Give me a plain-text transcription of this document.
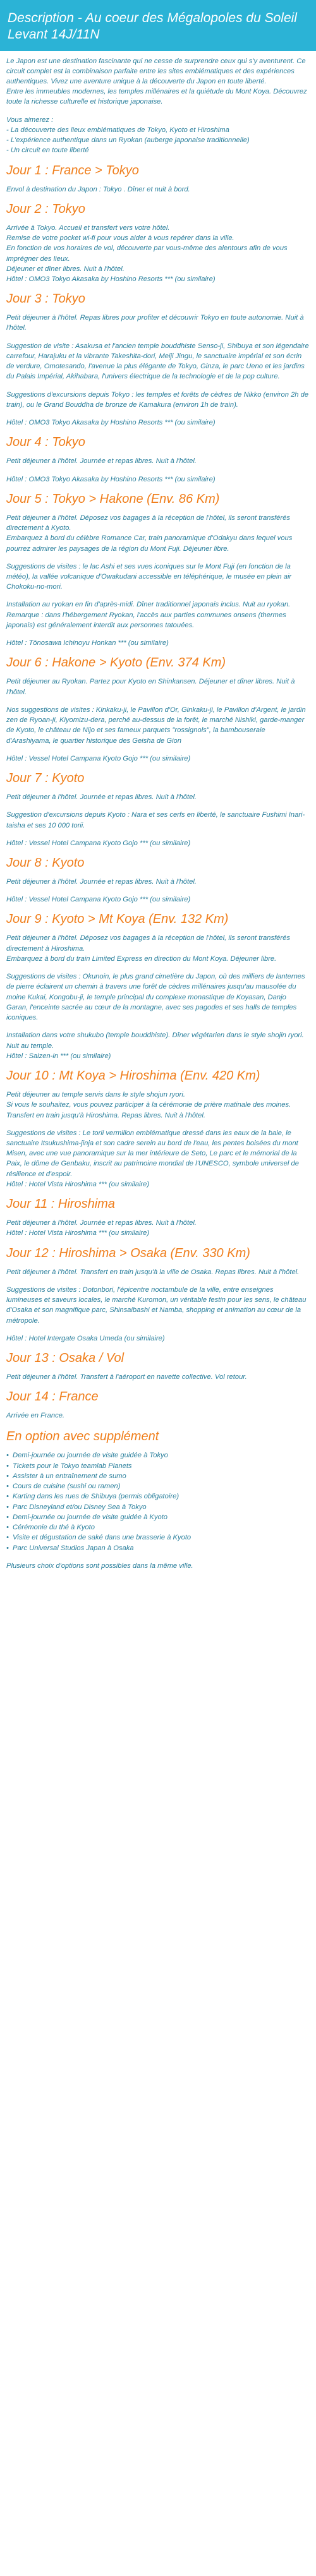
Description - Au coeur des Mégalopoles du Soleil Levant 14J/11N

Le Japon est une destination fascinante qui ne cesse de surprendre ceux qui s'y aventurent. Ce circuit complet est la combinaison parfaite entre les sites emblématiques et des expériences authentiques. Vivez une aventure unique à la découverte du Japon en toute liberté.

Entre les immeubles modernes, les temples millénaires et la quiétude du Mont Koya. Découvrez toute la richesse culturelle et historique japonaise.

Vous aimerez :

- La découverte des lieux emblématiques de Tokyo, Kyoto et Hiroshima

- L'expérience authentique dans un Ryokan (auberge japonaise traditionnelle)

- Un circuit en toute liberté

Jour 1 : France > Tokyo

Envol à destination du Japon : Tokyo . Dîner et nuit à bord.

Jour 2 : Tokyo

Arrivée à Tokyo. Accueil et transfert vers votre hôtel.
Remise de votre pocket wi-fi pour vous aider à vous repérer dans la ville.
En fonction de vos horaires de vol, découverte par vous-même des alentours afin de vous imprégner des lieux.
Déjeuner et dîner libres. Nuit à l'hôtel.
Hôtel : OMO3 Tokyo Akasaka by Hoshino Resorts *** (ou similaire)

Jour 3 : Tokyo

Petit déjeuner à l'hôtel. Repas libres pour profiter et découvrir Tokyo en toute autonomie. Nuit à l'hôtel.

Suggestion de visite : Asakusa et l'ancien temple bouddhiste Senso-ji, Shibuya et son légendaire carrefour, Harajuku et la vibrante Takeshita-dori, Meiji Jingu, le sanctuaire impérial et son écrin de verdure, Omotesando, l'avenue la plus élégante de Tokyo, Ginza, le parc Ueno et les jardins du Palais Impérial, Akihabara, l'univers électrique de la technologie et de la pop culture.

Suggestions d'excursions depuis Tokyo : les temples et forêts de cèdres de Nikko (environ 2h de train), ou le Grand Bouddha de bronze de Kamakura (environ 1h de train).

Hôtel : OMO3 Tokyo Akasaka by Hoshino Resorts *** (ou similaire)

Jour 4 : Tokyo

Petit déjeuner à l'hôtel. Journée et repas libres. Nuit à l'hôtel.

Hôtel : OMO3 Tokyo Akasaka by Hoshino Resorts *** (ou similaire)

Jour 5 : Tokyo > Hakone (Env. 86 Km)

Petit déjeuner à l'hôtel. Déposez vos bagages à la réception de l'hôtel, ils seront transférés directement à Kyoto.
Embarquez à bord du célèbre Romance Car, train panoramique d'Odakyu dans lequel vous pourrez admirer les paysages de la région du Mont Fuji. Déjeuner libre.

Suggestions de visites : le lac Ashi et ses vues iconiques sur le Mont Fuji (en fonction de la météo), la vallée volcanique d'Owakudani accessible en téléphérique, le musée en plein air Chokoku-no-mori.

Installation au ryokan en fin d'après-midi. Dîner traditionnel japonais inclus. Nuit au ryokan.
Remarque : dans l'hébergement Ryokan, l'accès aux parties communes onsens (thermes japonais) est généralement interdit aux personnes tatouées.

Hôtel : Tōnosawa Ichinoyu Honkan *** (ou similaire)

Jour 6 : Hakone > Kyoto (Env. 374 Km)

Petit déjeuner au Ryokan. Partez pour Kyoto en Shinkansen. Déjeuner et dîner libres. Nuit à l'hôtel.

Nos suggestions de visites : Kinkaku-ji, le Pavillon d'Or, Ginkaku-ji, le Pavillon d'Argent, le jardin zen de Ryoan-ji, Kiyomizu-dera, perché au-dessus de la forêt, le marché Nishiki, garde-manger de Kyoto, le château de Nijo et ses fameux parquets "rossignols", la bambouseraie d'Arashiyama, le quartier historique des Geisha de Gion

Hôtel : Vessel Hotel Campana Kyoto Gojo *** (ou similaire)

Jour 7 : Kyoto

Petit déjeuner à l'hôtel. Journée et repas libres. Nuit à l'hôtel.

Suggestion d'excursions depuis Kyoto : Nara et ses cerfs en liberté, le sanctuaire Fushimi Inari-taisha et ses 10 000 torii.

Hôtel : Vessel Hotel Campana Kyoto Gojo *** (ou similaire)

Jour 8 : Kyoto

Petit déjeuner à l'hôtel. Journée et repas libres. Nuit à l'hôtel.

Hôtel : Vessel Hotel Campana Kyoto Gojo *** (ou similaire)

Jour 9 : Kyoto > Mt Koya (Env. 132 Km)

Petit déjeuner à l'hôtel. Déposez vos bagages à la réception de l'hôtel, ils seront transférés directement à Hiroshima.
Embarquez à bord du train Limited Express en direction du Mont Koya. Déjeuner libre.

Suggestions de visites : Okunoin, le plus grand cimetière du Japon, où des milliers de lanternes de pierre éclairent un chemin à travers une forêt de cèdres millénaires jusqu'au mausolée du moine Kukai, Kongobu-ji, le temple principal du complexe monastique de Koyasan, Danjo Garan, l'enceinte sacrée au cœur de la montagne, avec ses pagodes et ses halls de temples iconiques.

Installation dans votre shukubo (temple bouddhiste). Dîner végétarien dans le style shojin ryori. Nuit au temple.
Hôtel : Saizen-in *** (ou similaire)

Jour 10 : Mt Koya > Hiroshima (Env. 420 Km)

Petit déjeuner au temple servis dans le style shojun ryori.
Si vous le souhaitez, vous pouvez participer à la cérémonie de prière matinale des moines. Transfert en train jusqu'à Hiroshima. Repas libres. Nuit à l'hôtel.

Suggestions de visites : Le torii vermillon emblématique dressé dans les eaux de la baie, le sanctuaire Itsukushima-jinja et son cadre serein au bord de l'eau, les pentes boisées du mont Misen, avec une vue panoramique sur la mer intérieure de Seto, Le parc et le mémorial de la Paix, le dôme de Genbaku, inscrit au patrimoine mondial de l'UNESCO, symbole universel de résilience et d'espoir.
Hôtel : Hotel Vista Hiroshima *** (ou similaire)

Jour 11 : Hiroshima

Petit déjeuner à l'hôtel. Journée et repas libres. Nuit à l'hôtel.
Hôtel : Hotel Vista Hiroshima *** (ou similaire)

Jour 12 : Hiroshima > Osaka (Env. 330 Km)

Petit déjeuner à l'hôtel. Transfert en train jusqu'à la ville de Osaka. Repas libres. Nuit à l'hôtel.

Suggestions de visites : Dotonbori, l'épicentre noctambule de la ville, entre enseignes lumineuses et saveurs locales, le marché Kuromon, un véritable festin pour les sens, le château d'Osaka et son magnifique parc, Shinsaibashi et Namba, shopping et animation au cœur de la métropole.

Hôtel : Hotel Intergate Osaka Umeda (ou similaire)

Jour 13 : Osaka / Vol

Petit déjeuner à l'hôtel. Transfert à l'aéroport en navette collective. Vol retour.

Jour 14 : France

Arrivée en France.

En option avec supplément
• Demi-journée ou journée de visite guidée à Tokyo
• Tickets pour le Tokyo teamlab Planets
• Assister à un entraînement de sumo
• Cours de cuisine (sushi ou ramen)
• Karting dans les rues de Shibuya (permis obligatoire)
• Parc Disneyland et/ou Disney Sea à Tokyo
• Demi-journée ou journée de visite guidée à Kyoto
• Cérémonie du thé à Kyoto
• Visite et dégustation de saké dans une brasserie à Kyoto
• Parc Universal Studios Japan à Osaka

Plusieurs choix d'options sont possibles dans la même ville.
